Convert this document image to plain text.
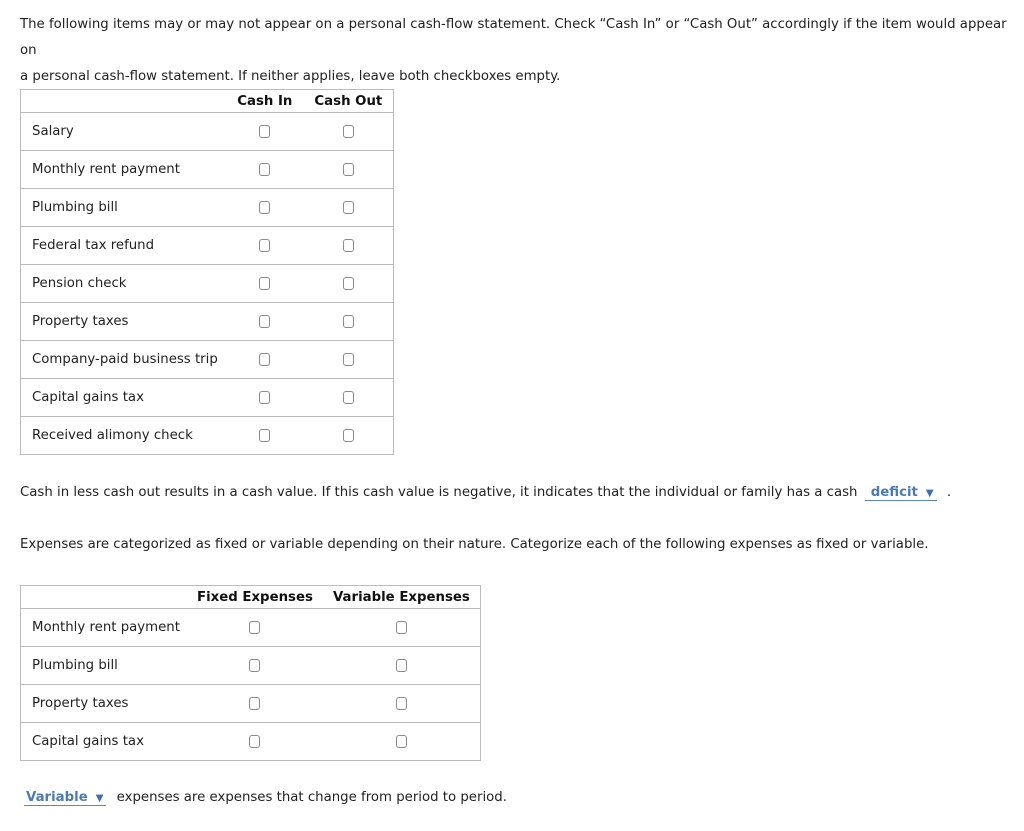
The following items may or may not appear on a personal cash-flow statement. Check “Cash In” or “Cash Out” accordingly if the item would appear on
a personal cash-flow statement. If neither applies, leave both checkboxes empty.
	Cash In	Cash Out
Salary		
Monthly rent payment		
Plumbing bill		
Federal tax refund		
Pension check		
Property taxes		
Company-paid business trip		
Capital gains tax		
Received alimony check		
Cash in less cash out results in a cash value. If this cash value is negative, it indicates that the individual or family has a cash deficit ▼ .
Expenses are categorized as fixed or variable depending on their nature. Categorize each of the following expenses as fixed or variable.
	Fixed Expenses	Variable Expenses
Monthly rent payment		
Plumbing bill		
Property taxes		
Capital gains tax		
Variable ▼ expenses are expenses that change from period to period.
